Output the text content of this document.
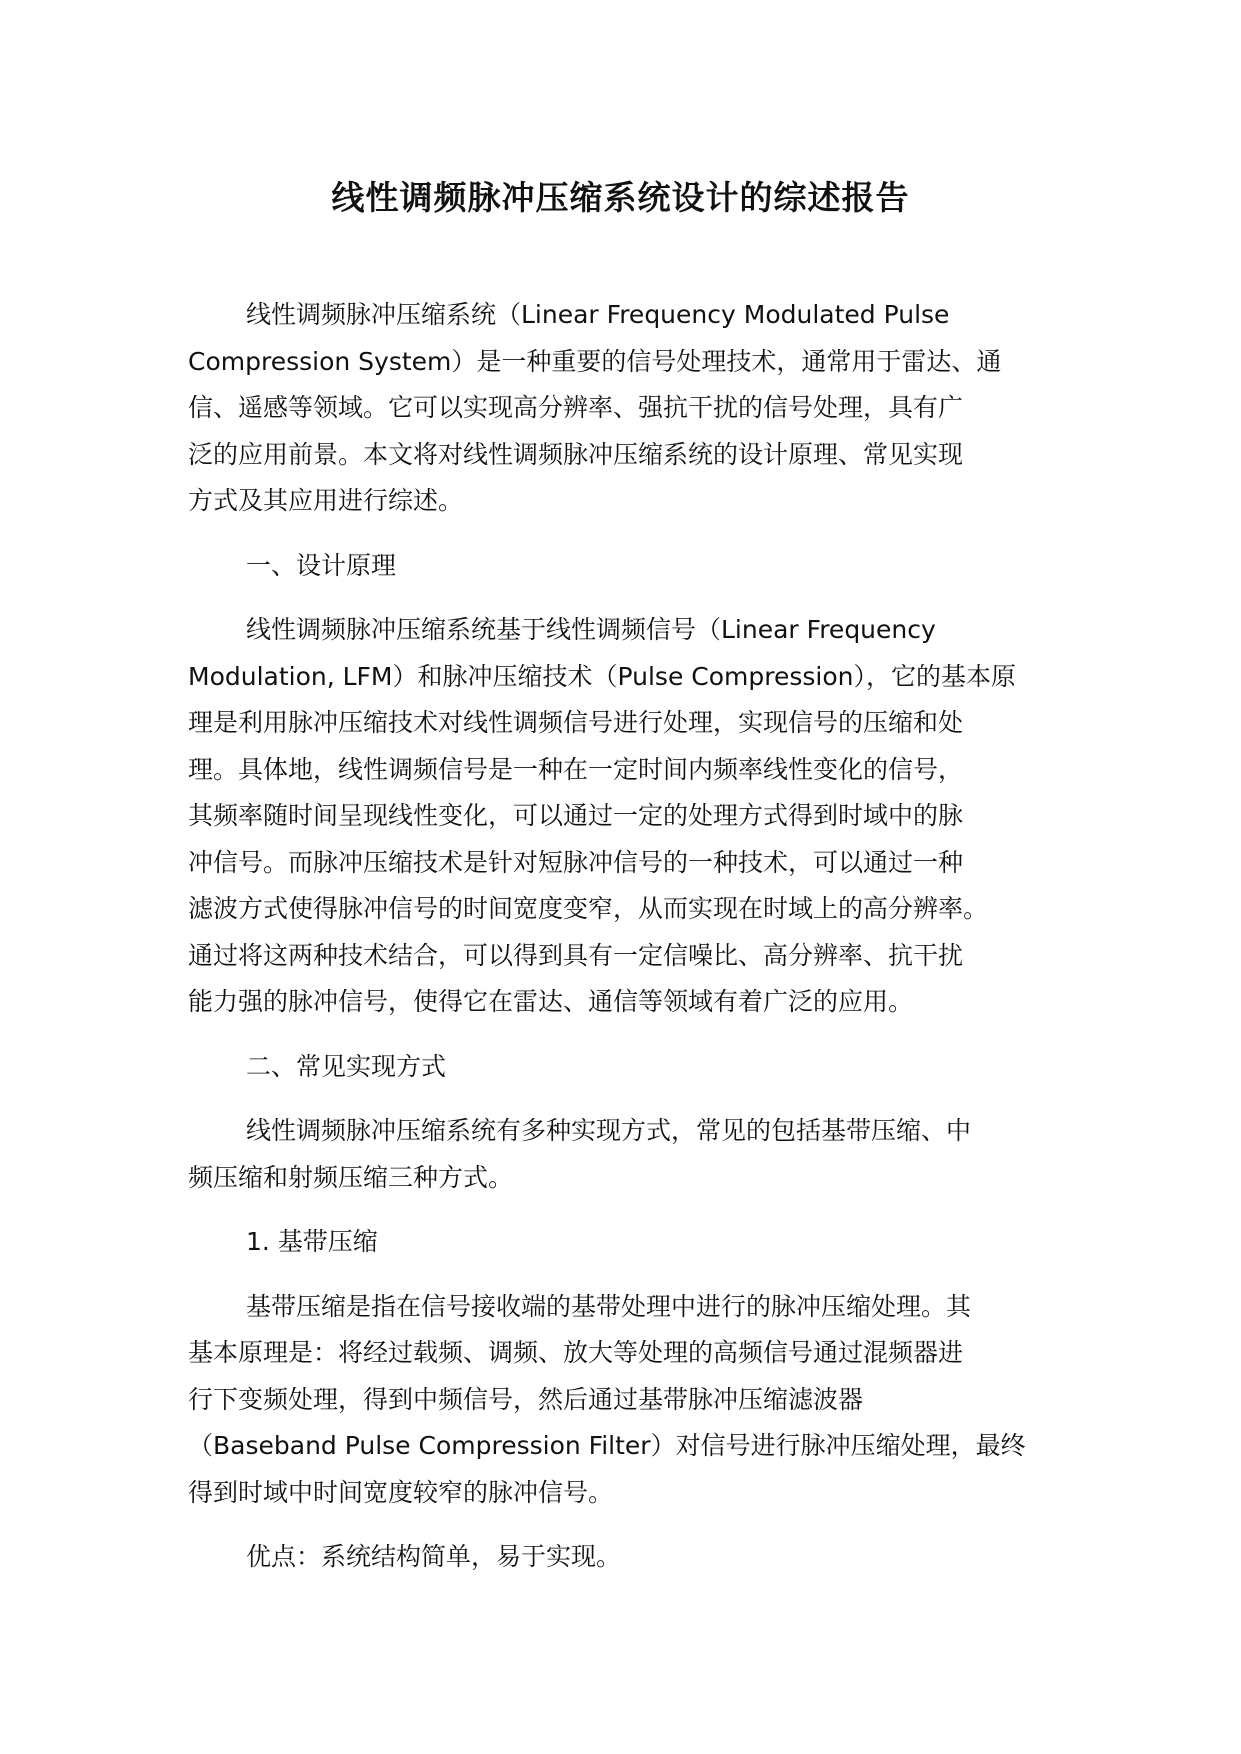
线性调频脉冲压缩系统设计的综述报告
线性调频脉冲压缩系统（Linear Frequency Modulated Pulse
Compression System）是一种重要的信号处理技术，通常用于雷达、通
信、遥感等领域。它可以实现高分辨率、强抗干扰的信号处理，具有广
泛的应用前景。本文将对线性调频脉冲压缩系统的设计原理、常见实现
方式及其应用进行综述。
一、设计原理
线性调频脉冲压缩系统基于线性调频信号（Linear Frequency
Modulation, LFM）和脉冲压缩技术（Pulse Compression），它的基本原
理是利用脉冲压缩技术对线性调频信号进行处理，实现信号的压缩和处
理。具体地，线性调频信号是一种在一定时间内频率线性变化的信号，
其频率随时间呈现线性变化，可以通过一定的处理方式得到时域中的脉
冲信号。而脉冲压缩技术是针对短脉冲信号的一种技术，可以通过一种
滤波方式使得脉冲信号的时间宽度变窄，从而实现在时域上的高分辨率。
通过将这两种技术结合，可以得到具有一定信噪比、高分辨率、抗干扰
能力强的脉冲信号，使得它在雷达、通信等领域有着广泛的应用。
二、常见实现方式
线性调频脉冲压缩系统有多种实现方式，常见的包括基带压缩、中
频压缩和射频压缩三种方式。
1. 基带压缩
基带压缩是指在信号接收端的基带处理中进行的脉冲压缩处理。其
基本原理是：将经过载频、调频、放大等处理的高频信号通过混频器进
行下变频处理，得到中频信号，然后通过基带脉冲压缩滤波器
（Baseband Pulse Compression Filter）对信号进行脉冲压缩处理，最终
得到时域中时间宽度较窄的脉冲信号。
优点：系统结构简单，易于实现。
